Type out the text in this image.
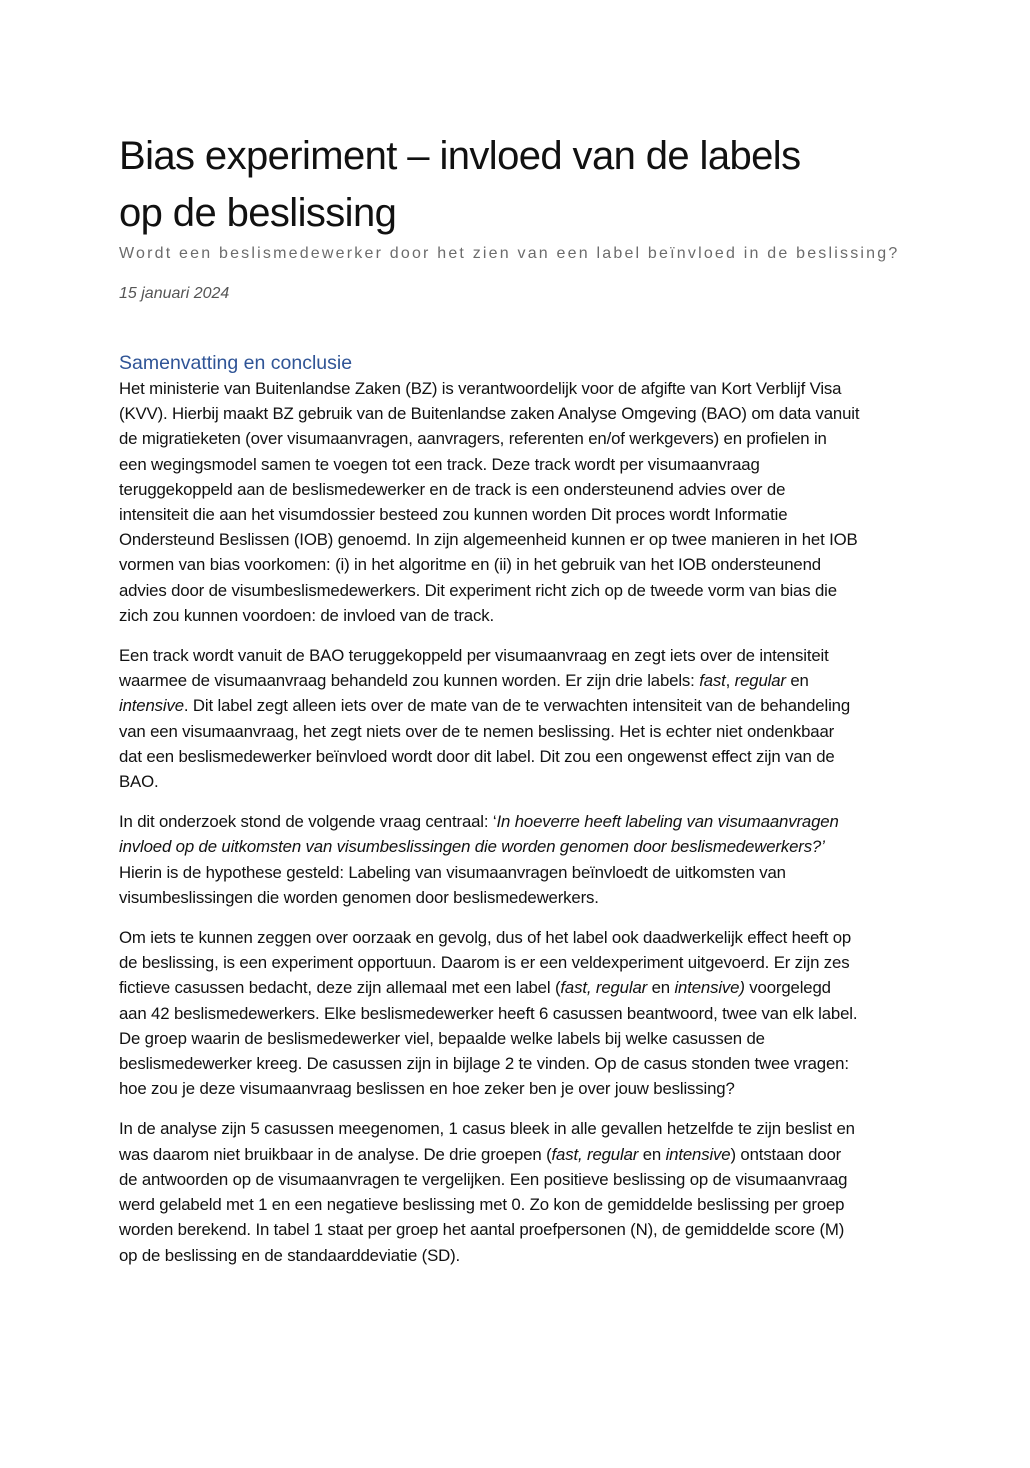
Bias experiment – invloed van de labels
op de beslissing

Wordt een beslismedewerker door het zien van een label beïnvloed in de beslissing?

15 januari 2024

Samenvatting en conclusie

Het ministerie van Buitenlandse Zaken (BZ) is verantwoordelijk voor de afgifte van Kort Verblijf Visa
(KVV). Hierbij maakt BZ gebruik van de Buitenlandse zaken Analyse Omgeving (BAO) om data vanuit
de migratieketen (over visumaanvragen, aanvragers, referenten en/of werkgevers) en profielen in
een wegingsmodel samen te voegen tot een track. Deze track wordt per visumaanvraag
teruggekoppeld aan de beslismedewerker en de track is een ondersteunend advies over de
intensiteit die aan het visumdossier besteed zou kunnen worden Dit proces wordt Informatie
Ondersteund Beslissen (IOB) genoemd. In zijn algemeenheid kunnen er op twee manieren in het IOB
vormen van bias voorkomen: (i) in het algoritme en (ii) in het gebruik van het IOB ondersteunend
advies door de visumbeslismedewerkers. Dit experiment richt zich op de tweede vorm van bias die
zich zou kunnen voordoen: de invloed van de track.

Een track wordt vanuit de BAO teruggekoppeld per visumaanvraag en zegt iets over de intensiteit
waarmee de visumaanvraag behandeld zou kunnen worden. Er zijn drie labels: fast, regular en
intensive. Dit label zegt alleen iets over de mate van de te verwachten intensiteit van de behandeling
van een visumaanvraag, het zegt niets over de te nemen beslissing. Het is echter niet ondenkbaar
dat een beslismedewerker beïnvloed wordt door dit label. Dit zou een ongewenst effect zijn van de
BAO.

In dit onderzoek stond de volgende vraag centraal: ‘In hoeverre heeft labeling van visumaanvragen
invloed op de uitkomsten van visumbeslissingen die worden genomen door beslismedewerkers?’
Hierin is de hypothese gesteld: Labeling van visumaanvragen beïnvloedt de uitkomsten van
visumbeslissingen die worden genomen door beslismedewerkers.

Om iets te kunnen zeggen over oorzaak en gevolg, dus of het label ook daadwerkelijk effect heeft op
de beslissing, is een experiment opportuun. Daarom is er een veldexperiment uitgevoerd. Er zijn zes
fictieve casussen bedacht, deze zijn allemaal met een label (fast, regular en intensive) voorgelegd
aan 42 beslismedewerkers. Elke beslismedewerker heeft 6 casussen beantwoord, twee van elk label.
De groep waarin de beslismedewerker viel, bepaalde welke labels bij welke casussen de
beslismedewerker kreeg. De casussen zijn in bijlage 2 te vinden. Op de casus stonden twee vragen:
hoe zou je deze visumaanvraag beslissen en hoe zeker ben je over jouw beslissing?

In de analyse zijn 5 casussen meegenomen, 1 casus bleek in alle gevallen hetzelfde te zijn beslist en
was daarom niet bruikbaar in de analyse. De drie groepen (fast, regular en intensive) ontstaan door
de antwoorden op de visumaanvragen te vergelijken. Een positieve beslissing op de visumaanvraag
werd gelabeld met 1 en een negatieve beslissing met 0. Zo kon de gemiddelde beslissing per groep
worden berekend. In tabel 1 staat per groep het aantal proefpersonen (N), de gemiddelde score (M)
op de beslissing en de standaarddeviatie (SD).
